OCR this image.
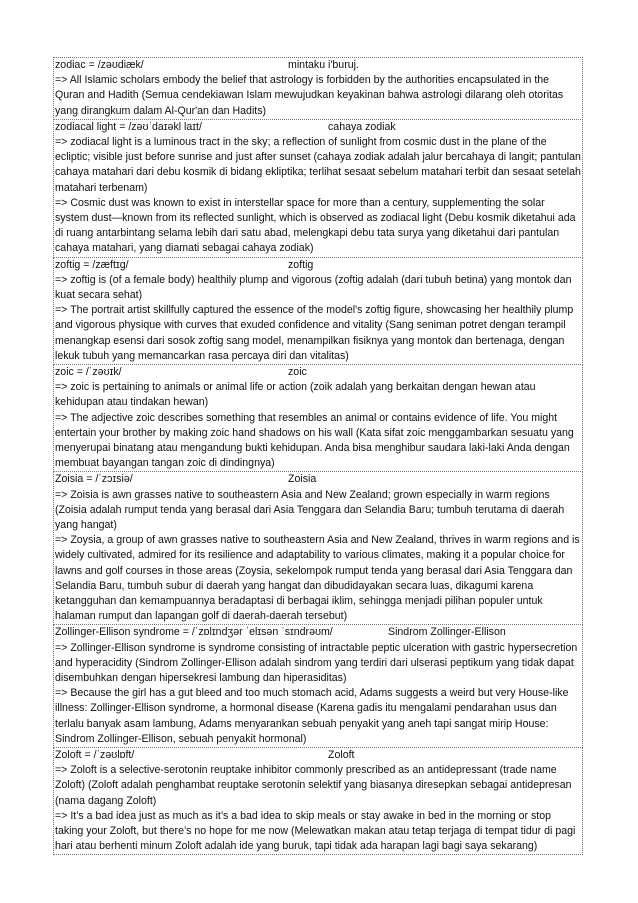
zodiac = /zəʊdiæk/	mintaku i'buruj.

=> All Islamic scholars embody the belief that astrology is forbidden by the authorities encapsulated in the Quran and Hadith (Semua cendekiawan Islam mewujudkan keyakinan bahwa astrologi dilarang oleh otoritas yang dirangkum dalam Al-Qur'an dan Hadits)

zodiacal light = /zəʊˈdaɪəkl laɪt/	cahaya zodiak

=> zodiacal light is a luminous tract in the sky; a reflection of sunlight from cosmic dust in the plane of the ecliptic; visible just before sunrise and just after sunset (cahaya zodiak adalah jalur bercahaya di langit; pantulan cahaya matahari dari debu kosmik di bidang ekliptika; terlihat sesaat sebelum matahari terbit dan sesaat setelah matahari terbenam)

=> Cosmic dust was known to exist in interstellar space for more than a century, supplementing the solar system dust—known from its reflected sunlight, which is observed as zodiacal light (Debu kosmik diketahui ada di ruang antarbintang selama lebih dari satu abad, melengkapi debu tata surya yang diketahui dari pantulan cahaya matahari, yang diamati sebagai cahaya zodiak)

zoftig = /zæftɪg/	zoftig

=> zoftig is (of a female body) healthily plump and vigorous (zoftig adalah (dari tubuh betina) yang montok dan kuat secara sehat)

=> The portrait artist skillfully captured the essence of the model's zoftig figure, showcasing her healthily plump and vigorous physique with curves that exuded confidence and vitality (Sang seniman potret dengan terampil menangkap esensi dari sosok zoftig sang model, menampilkan fisiknya yang montok dan bertenaga, dengan lekuk tubuh yang memancarkan rasa percaya diri dan vitalitas)

zoic = /ˈzəʊɪk/	zoic

=> zoic is pertaining to animals or animal life or action (zoik adalah yang berkaitan dengan hewan atau kehidupan atau tindakan hewan)

=> The adjective zoic describes something that resembles an animal or contains evidence of life. You might entertain your brother by making zoic hand shadows on his wall (Kata sifat zoic menggambarkan sesuatu yang menyerupai binatang atau mengandung bukti kehidupan. Anda bisa menghibur saudara laki-laki Anda dengan membuat bayangan tangan zoic di dindingnya)

Zoisia = /ˈzɔɪsiə/	Zoisia

=> Zoisia is awn grasses native to southeastern Asia and New Zealand; grown especially in warm regions (Zoisia adalah rumput tenda yang berasal dari Asia Tenggara dan Selandia Baru; tumbuh terutama di daerah yang hangat)

=> Zoysia, a group of awn grasses native to southeastern Asia and New Zealand, thrives in warm regions and is widely cultivated, admired for its resilience and adaptability to various climates, making it a popular choice for lawns and golf courses in those areas (Zoysia, sekelompok rumput tenda yang berasal dari Asia Tenggara dan Selandia Baru, tumbuh subur di daerah yang hangat dan dibudidayakan secara luas, dikagumi karena ketangguhan dan kemampuannya beradaptasi di berbagai iklim, sehingga menjadi pilihan populer untuk halaman rumput dan lapangan golf di daerah-daerah tersebut)

Zollinger-Ellison syndrome = /ˈzɒlɪndʒər ˈelɪsən ˈsɪndrəʊm/	Sindrom Zollinger-Ellison

=> Zollinger-Ellison syndrome is syndrome consisting of intractable peptic ulceration with gastric hypersecretion and hyperacidity (Sindrom Zollinger-Ellison adalah sindrom yang terdiri dari ulserasi peptikum yang tidak dapat disembuhkan dengan hipersekresi lambung dan hiperasiditas)

=> Because the girl has a gut bleed and too much stomach acid, Adams suggests a weird but very House-like illness: Zollinger-Ellison syndrome, a hormonal disease (Karena gadis itu mengalami pendarahan usus dan terlalu banyak asam lambung, Adams menyarankan sebuah penyakit yang aneh tapi sangat mirip House: Sindrom Zollinger-Ellison, sebuah penyakit hormonal)

Zoloft = /ˈzəʊlɒft/	Zoloft

=> Zoloft is a selective-serotonin reuptake inhibitor commonly prescribed as an antidepressant (trade name Zoloft) (Zoloft adalah penghambat reuptake serotonin selektif yang biasanya diresepkan sebagai antidepresan (nama dagang Zoloft)

=> It’s a bad idea just as much as it’s a bad idea to skip meals or stay awake in bed in the morning or stop taking your Zoloft, but there’s no hope for me now (Melewatkan makan atau tetap terjaga di tempat tidur di pagi hari atau berhenti minum Zoloft adalah ide yang buruk, tapi tidak ada harapan lagi bagi saya sekarang)
